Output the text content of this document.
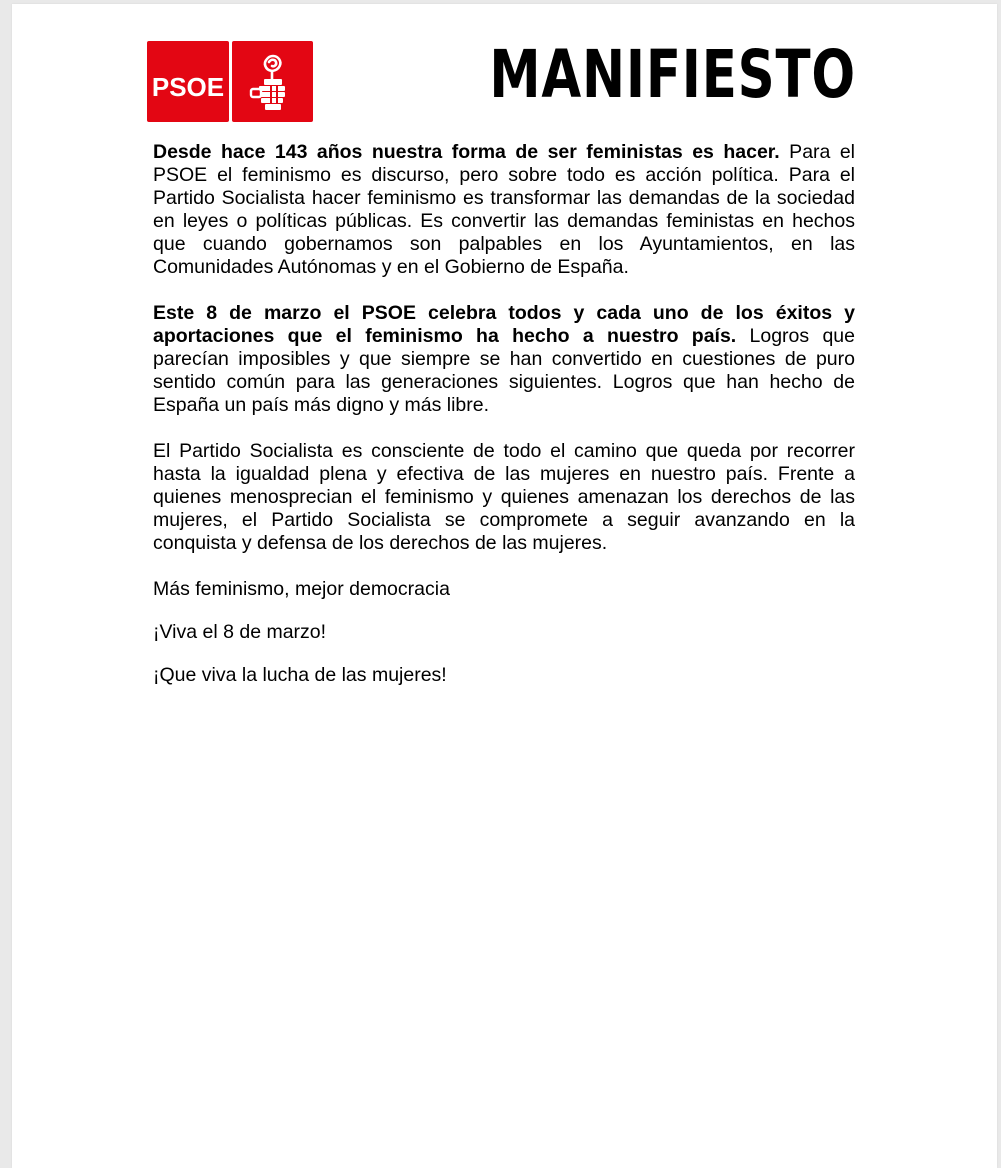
PSOE	MANIFIESTO

Desde hace 143 años nuestra forma de ser feministas es hacer. Para el PSOE el feminismo es discurso, pero sobre todo es acción política. Para el Partido Socialista hacer feminismo es transformar las demandas de la sociedad en leyes o políticas públicas. Es convertir las demandas feministas en hechos que cuando gobernamos son palpables en los Ayuntamientos, en las Comunidades Autónomas y en el Gobierno de España.

Este 8 de marzo el PSOE celebra todos y cada uno de los éxitos y aportaciones que el feminismo ha hecho a nuestro país. Logros que parecían imposibles y que siempre se han convertido en cuestiones de puro sentido común para las generaciones siguientes. Logros que han hecho de España un país más digno y más libre.

El Partido Socialista es consciente de todo el camino que queda por recorrer hasta la igualdad plena y efectiva de las mujeres en nuestro país. Frente a quienes menosprecian el feminismo y quienes amenazan los derechos de las mujeres, el Partido Socialista se compromete a seguir avanzando en la conquista y defensa de los derechos de las mujeres.

Más feminismo, mejor democracia

¡Viva el 8 de marzo!

¡Que viva la lucha de las mujeres!
